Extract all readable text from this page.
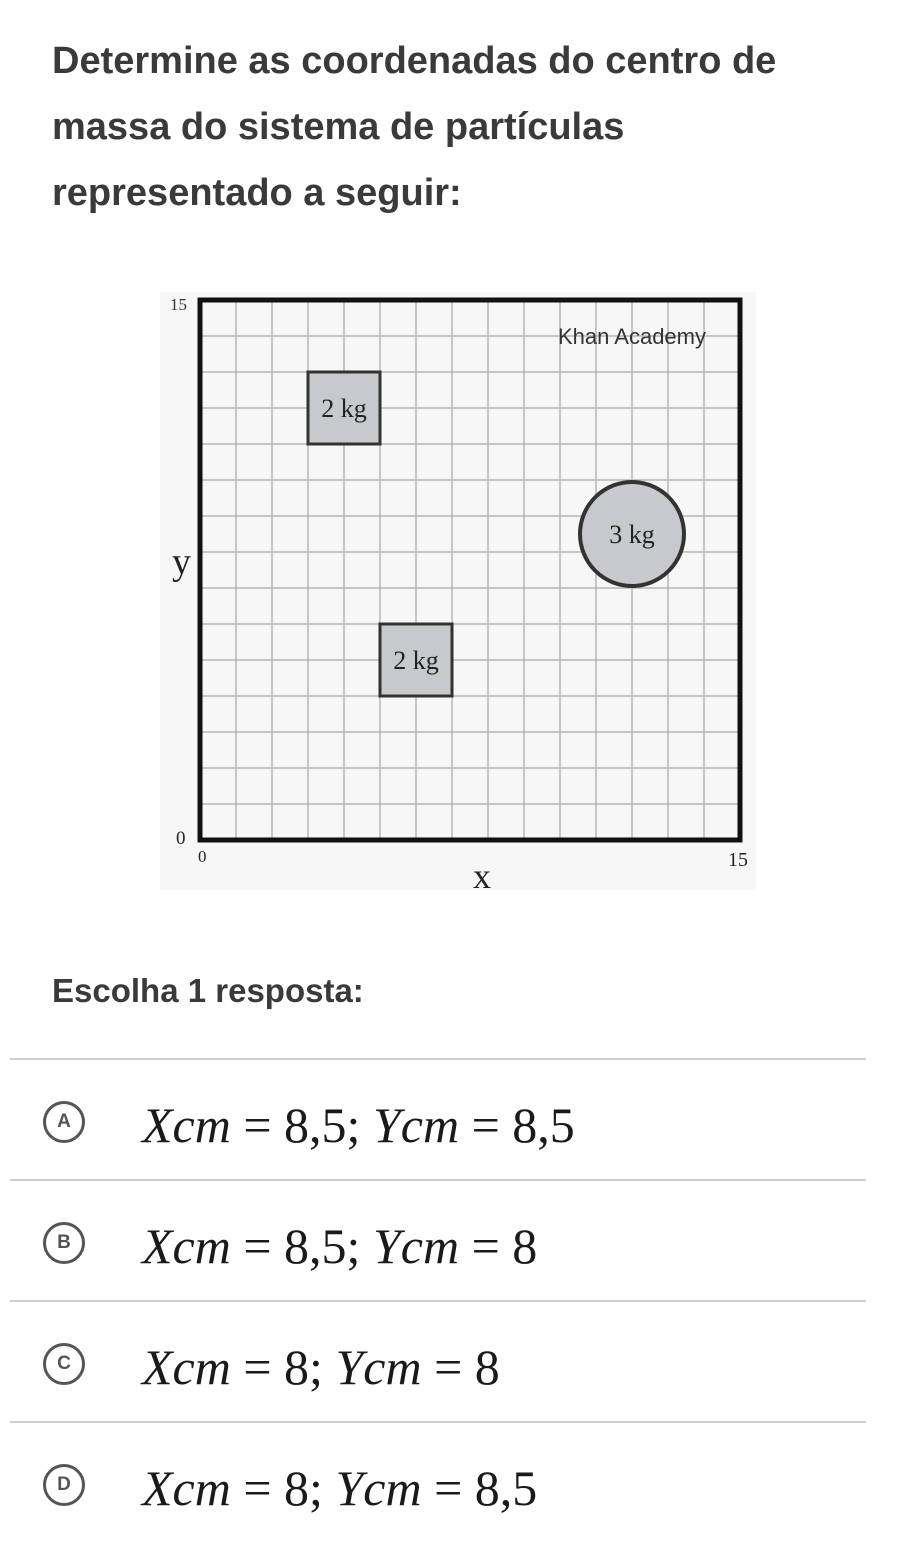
Determine as coordenadas do centro de
massa do sistema de partículas
representado a seguir:
Khan Academy
2 kg
3 kg
2 kg
15
y
0
0	15
x
Escolha 1 resposta:
A Xcm = 8,5; Ycm = 8,5
B Xcm = 8,5; Ycm = 8
C Xcm = 8; Ycm = 8
D Xcm = 8; Ycm = 8,5
